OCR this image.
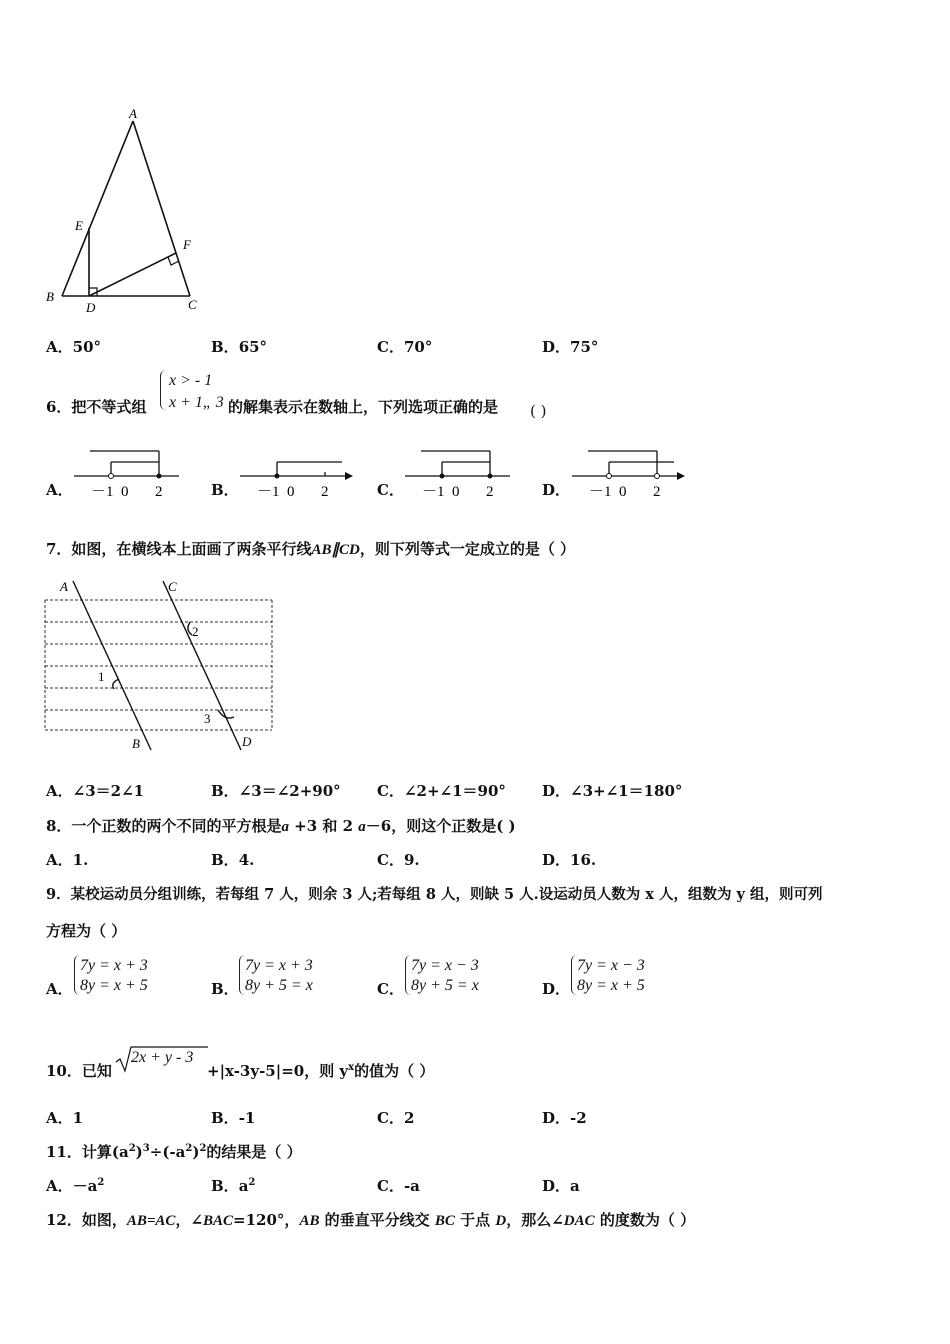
A
B
C
D
E
F
A．50°	B．65°	C．70°	D．75°
6．把不等式组
x > - 1
x + 1„ 3 的解集表示在数轴上，下列选项正确的是 ( )
A． －1 0 2	B． －1 0 2	C． －1 0 2	D． －1 0 2
7．如图，在横线本上面画了两条平行线AB∥CD，则下列等式一定成立的是（ ）
A
B
C
D
1
2
3
A．∠3＝2∠1	B．∠3＝∠2+90° C．∠2+∠1＝90° D．∠3+∠1＝180°
8．一个正数的两个不同的平方根是a +3 和 2 a－6，则这个正数是( )
A．1.	B．4.	C．9.	D．16.
9．某校运动员分组训练，若每组 7 人，则余 3 人;若每组 8 人，则缺 5 人.设运动员人数为 x 人，组数为 y 组，则可列
方程为（ ）
A．
7y = x + 3
8y = x + 5	B．
7y = x + 3
8y + 5 = x	C．
7y = x − 3
8y + 5 = x	D．
7y = x − 3
8y = x + 5
10．已知
2x + y - 3
+|x-3y-5|=0，则 $y^x$的值为（ ）
A．1	B．-1	C．2	D．-2
11．计算$(a^2)^3\div(-a^2)^2$的结果是（ ）
A．$-a^2$	B．$a^2$	C．-a	D．a
12．如图，AB=AC，∠BAC=120°，AB 的垂直平分线交 BC 于点 D，那么∠DAC 的度数为（ ）
